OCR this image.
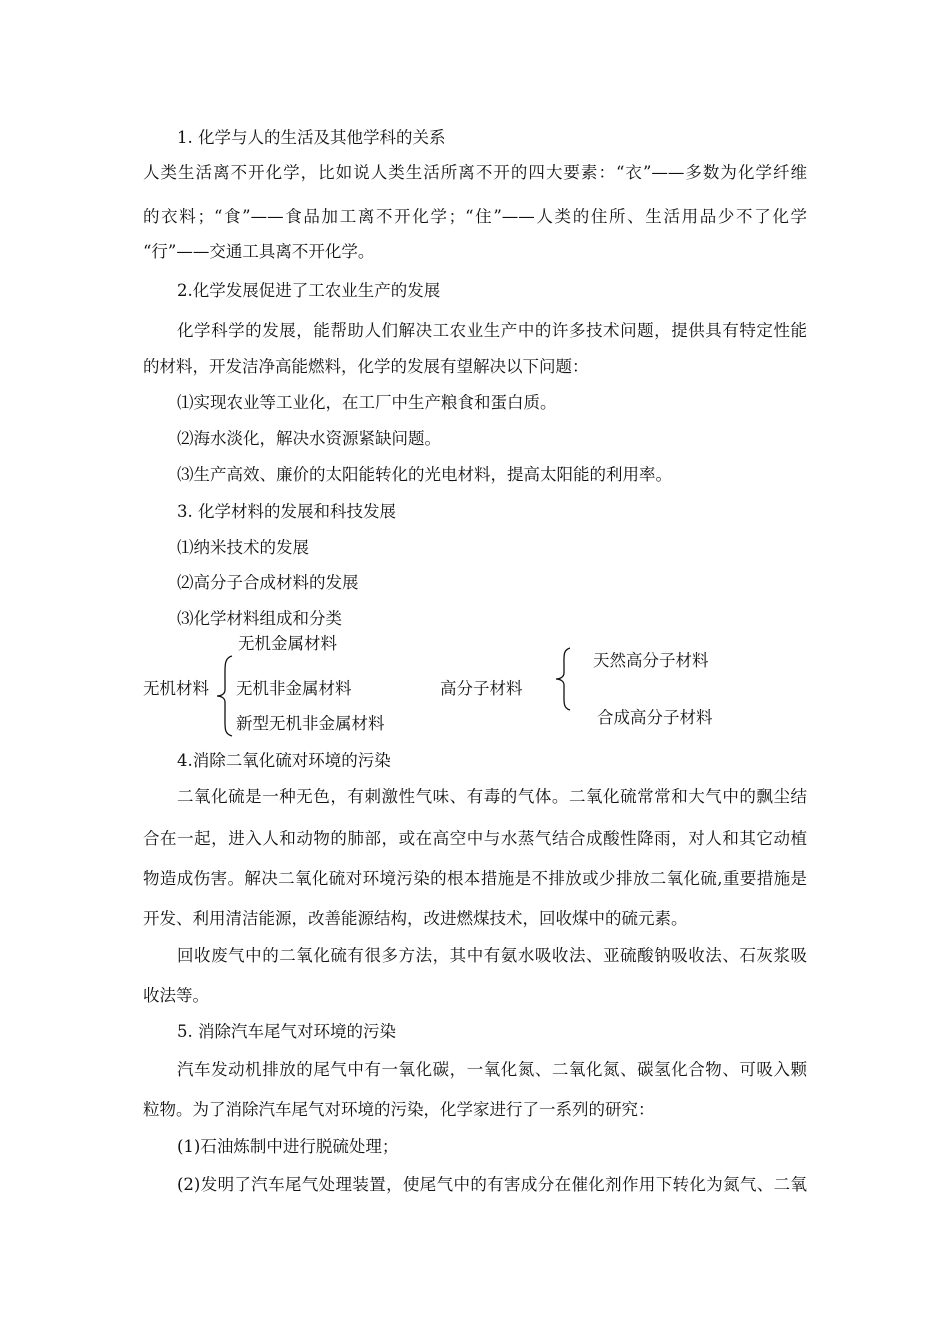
1. 化学与人的生活及其他学科的关系
人类生活离不开化学，比如说人类生活所离不开的四大要素：“衣”——多数为化学纤维
的衣料；“食”——食品加工离不开化学；“住”——人类的住所、生活用品少不了化学
“行”——交通工具离不开化学。
2.化学发展促进了工农业生产的发展
化学科学的发展，能帮助人们解决工农业生产中的许多技术问题，提供具有特定性能
的材料，开发洁净高能燃料，化学的发展有望解决以下问题：
⑴实现农业等工业化，在工厂中生产粮食和蛋白质。
⑵海水淡化，解决水资源紧缺问题。
⑶生产高效、廉价的太阳能转化的光电材料，提高太阳能的利用率。
3. 化学材料的发展和科技发展
⑴纳米技术的发展
⑵高分子合成材料的发展
⑶化学材料组成和分类
无机金属材料
无机材料 无机非金属材料
新型无机非金属材料
高分子材料
天然高分子材料
合成高分子材料
4.消除二氧化硫对环境的污染
二氧化硫是一种无色，有刺激性气味、有毒的气体。二氧化硫常常和大气中的飘尘结
合在一起，进入人和动物的肺部，或在高空中与水蒸气结合成酸性降雨，对人和其它动植
物造成伤害。解决二氧化硫对环境污染的根本措施是不排放或少排放二氧化硫,重要措施是
开发、利用清洁能源，改善能源结构，改进燃煤技术，回收煤中的硫元素。
回收废气中的二氧化硫有很多方法，其中有氨水吸收法、亚硫酸钠吸收法、石灰浆吸
收法等。
5. 消除汽车尾气对环境的污染
汽车发动机排放的尾气中有一氧化碳，一氧化氮、二氧化氮、碳氢化合物、可吸入颗
粒物。为了消除汽车尾气对环境的污染，化学家进行了一系列的研究：
(1)石油炼制中进行脱硫处理；
(2)发明了汽车尾气处理装置，使尾气中的有害成分在催化剂作用下转化为氮气、二氧
